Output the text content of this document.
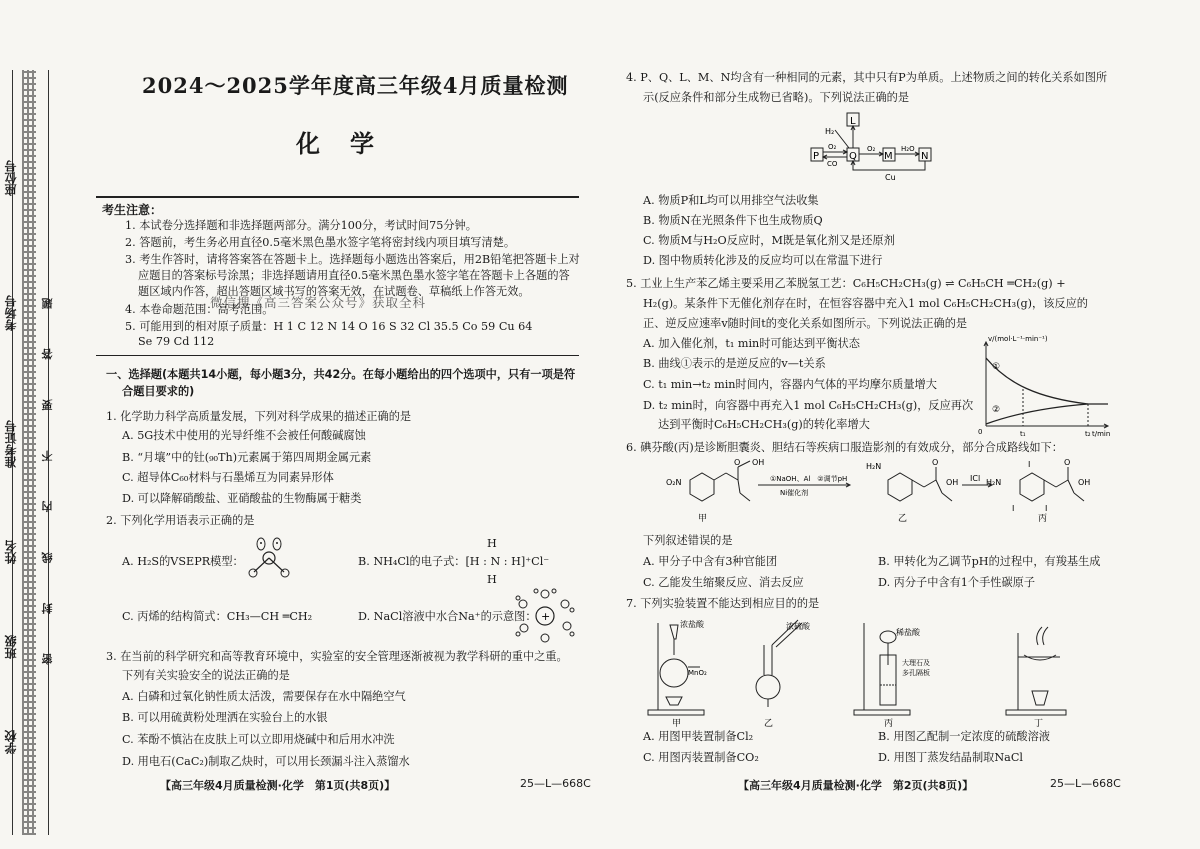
座位号
考场号
准考证号
姓名
班级
学校
密 封 线 内 不 要 答 题
2024～2025学年度高三年级4月质量检测
化学
考生注意：
1. 本试卷分选择题和非选择题两部分。满分100分，考试时间75分钟。
2. 答题前，考生务必用直径0.5毫米黑色墨水签字笔将密封线内项目填写清楚。
3. 考生作答时，请将答案答在答题卡上。选择题每小题选出答案后，用2B铅笔把答题卡上对
应题目的答案标号涂黑；非选择题请用直径0.5毫米黑色墨水签字笔在答题卡上各题的答
题区域内作答，超出答题区域书写的答案无效，在试题卷、草稿纸上作答无效。
微信搜《高三答案公众号》获取全科
4. 本卷命题范围：高考范围。
5. 可能用到的相对原子质量：H 1 C 12 N 14 O 16 S 32 Cl 35.5 Co 59 Cu 64
Se 79 Cd 112
一、选择题(本题共14小题，每小题3分，共42分。在每小题给出的四个选项中，只有一项是符
合题目要求的)
1. 化学助力科学高质量发展，下列对科学成果的描述正确的是
A. 5G技术中使用的光导纤维不会被任何酸碱腐蚀
B. “月壤”中的钍(₉₀Th)元素属于第四周期金属元素
C. 超导体C₆₀材料与石墨烯互为同素异形体
D. 可以降解硝酸盐、亚硝酸盐的生物酶属于糖类
2. 下列化学用语表示正确的是
A. H₂S的VSEPR模型：	B. NH₄Cl的电子式：[H : N : H]⁺Cl⁻
H
H
C. 丙烯的结构简式：CH₃—CH ═CH₂	D. NaCl溶液中水合Na⁺的示意图： +
3. 在当前的科学研究和高等教育环境中，实验室的安全管理逐渐被视为教学科研的重中之重。
下列有关实验安全的说法正确的是
A. 白磷和过氧化钠性质太活泼，需要保存在水中隔绝空气
B. 可以用硫黄粉处理洒在实验台上的水银
C. 苯酚不慎沾在皮肤上可以立即用烧碱中和后用水冲洗
D. 用电石(CaC₂)制取乙炔时，可以用长颈漏斗注入蒸馏水
【高三年级4月质量检测·化学　第1页(共8页)】	25—L—668C
4. P、Q、L、M、N均含有一种相同的元素，其中只有P为单质。上述物质之间的转化关系如图所
示(反应条件和部分生成物已省略)。下列说法正确的是
H₂
O₂
CO
O₂	H₂O
Cu
P	Q
L
M	N
A. 物质P和L均可以用排空气法收集
B. 物质N在光照条件下也生成物质Q
C. 物质M与H₂O反应时，M既是氧化剂又是还原剂
D. 图中物质转化涉及的反应均可以在常温下进行
5. 工业上生产苯乙烯主要采用乙苯脱氢工艺：C₆H₅CH₂CH₃(g) ⇌ C₆H₅CH ═CH₂(g) +
H₂(g)。某条件下无催化剂存在时，在恒容容器中充入1 mol C₆H₅CH₂CH₃(g)，该反应的
正、逆反应速率v随时间t的变化关系如图所示。下列说法正确的是
A. 加入催化剂，t₁ min时可能达到平衡状态
B. 曲线①表示的是逆反应的v—t关系
C. t₁ min→t₂ min时间内，容器内气体的平均摩尔质量增大
D. t₂ min时，向容器中再充入1 mol C₆H₅CH₂CH₃(g)，反应再次
达到平衡时C₆H₅CH₂CH₃(g)的转化率增大
v/(mol·L⁻¹·min⁻¹)
t/min
①
②
t₁	t₂
0
6. 碘芬酸(丙)是诊断胆囊炎、胆结石等疾病口服造影剂的有效成分，部分合成路线如下：
O₂N
O OH
①NaOH、Al　②调节pH
Ni催化剂
H₂N	O
OH ICl H₂N
I
I	I
O
OH
甲	乙	丙
下列叙述错误的是
A. 甲分子中含有3种官能团	B. 甲转化为乙调节pH的过程中，有羧基生成
C. 乙能发生缩聚反应、消去反应	D. 丙分子中含有1个手性碳原子
7. 下列实验装置不能达到相应目的的是
浓盐酸
MnO₂
浓硫酸
稀盐酸
大理石及
多孔隔板
甲	乙	丙	丁
A. 用图甲装置制备Cl₂	B. 用图乙配制一定浓度的硫酸溶液
C. 用图丙装置制备CO₂	D. 用图丁蒸发结晶制取NaCl
【高三年级4月质量检测·化学　第2页(共8页)】	25—L—668C
